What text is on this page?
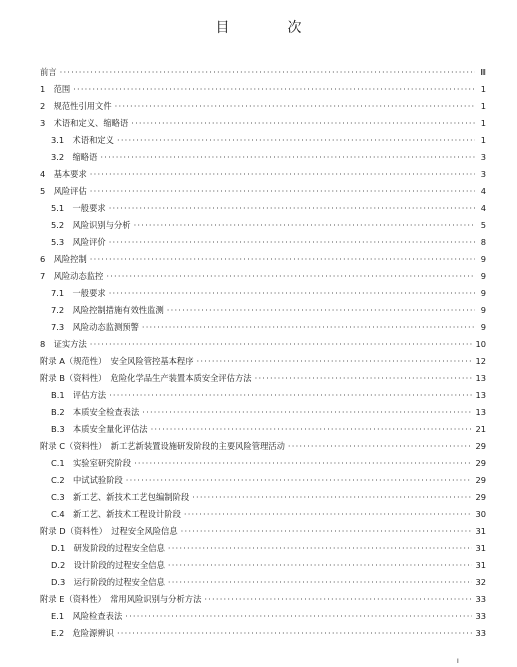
目　次
前言 ·····	Ⅲ
1　范围 ·····	1
2　规范性引用文件 ·····	1
3　术语和定义、缩略语 ·····	1
3.1　术语和定义 ·····	1
3.2　缩略语 ·····	3
4　基本要求 ·····	3
5　风险评估 ·····	4
5.1　一般要求 ·····	4
5.2　风险识别与分析 ·····	5
5.3　风险评价 ·····	8
6　风险控制 ·····	9
7　风险动态监控 ·····	9
7.1　一般要求 ·····	9
7.2　风险控制措施有效性监测 ·····	9
7.3　风险动态监测预警 ·····	9
8　证实方法 ·····	10
附录 A（规范性）　安全风险管控基本程序 ·····	12
附录 B（资料性）　危险化学品生产装置本质安全评估方法 ·····	13
B.1　评估方法 ·····	13
B.2　本质安全检查表法 ·····	13
B.3　本质安全量化评估法 ·····	21
附录 C（资料性）　新工艺新装置设施研发阶段的主要风险管理活动 ·····	29
C.1　实验室研究阶段 ·····	29
C.2　中试试验阶段 ·····	29
C.3　新工艺、新技术工艺包编制阶段 ·····	29
C.4　新工艺、新技术工程设计阶段 ·····	30
附录 D（资料性）　过程安全风险信息 ·····	31
D.1　研发阶段的过程安全信息 ·····	31
D.2　设计阶段的过程安全信息 ·····	31
D.3　运行阶段的过程安全信息 ·····	32
附录 E（资料性）　常用风险识别与分析方法 ·····	33
E.1　风险检查表法 ·····	33
E.2　危险源辨识 ·····	33
I
